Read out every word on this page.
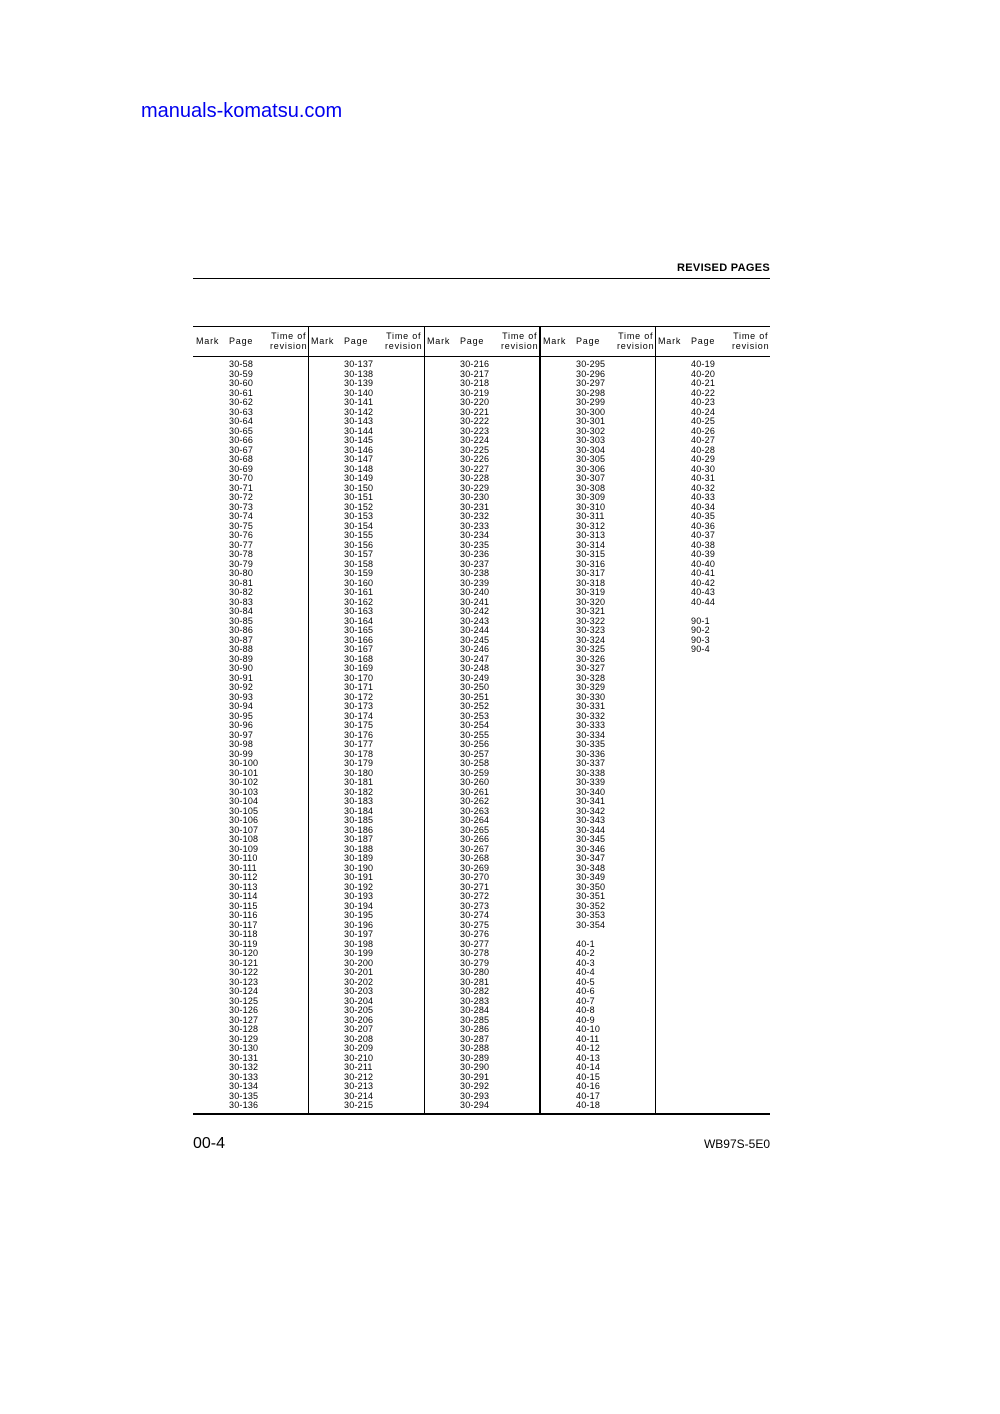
manuals-komatsu.com
REVISED PAGES
Mark Page Time of
revision
30-58
30-59
30-60
30-61
30-62
30-63
30-64
30-65
30-66
30-67
30-68
30-69
30-70
30-71
30-72
30-73
30-74
30-75
30-76
30-77
30-78
30-79
30-80
30-81
30-82
30-83
30-84
30-85
30-86
30-87
30-88
30-89
30-90
30-91
30-92
30-93
30-94
30-95
30-96
30-97
30-98
30-99
30-100
30-101
30-102
30-103
30-104
30-105
30-106
30-107
30-108
30-109
30-110
30-111
30-112
30-113
30-114
30-115
30-116
30-117
30-118
30-119
30-120
30-121
30-122
30-123
30-124
30-125
30-126
30-127
30-128
30-129
30-130
30-131
30-132
30-133
30-134
30-135
30-136
Mark Page Time of
revision
30-137
30-138
30-139
30-140
30-141
30-142
30-143
30-144
30-145
30-146
30-147
30-148
30-149
30-150
30-151
30-152
30-153
30-154
30-155
30-156
30-157
30-158
30-159
30-160
30-161
30-162
30-163
30-164
30-165
30-166
30-167
30-168
30-169
30-170
30-171
30-172
30-173
30-174
30-175
30-176
30-177
30-178
30-179
30-180
30-181
30-182
30-183
30-184
30-185
30-186
30-187
30-188
30-189
30-190
30-191
30-192
30-193
30-194
30-195
30-196
30-197
30-198
30-199
30-200
30-201
30-202
30-203
30-204
30-205
30-206
30-207
30-208
30-209
30-210
30-211
30-212
30-213
30-214
30-215
Mark Page Time of
revision
30-216
30-217
30-218
30-219
30-220
30-221
30-222
30-223
30-224
30-225
30-226
30-227
30-228
30-229
30-230
30-231
30-232
30-233
30-234
30-235
30-236
30-237
30-238
30-239
30-240
30-241
30-242
30-243
30-244
30-245
30-246
30-247
30-248
30-249
30-250
30-251
30-252
30-253
30-254
30-255
30-256
30-257
30-258
30-259
30-260
30-261
30-262
30-263
30-264
30-265
30-266
30-267
30-268
30-269
30-270
30-271
30-272
30-273
30-274
30-275
30-276
30-277
30-278
30-279
30-280
30-281
30-282
30-283
30-284
30-285
30-286
30-287
30-288
30-289
30-290
30-291
30-292
30-293
30-294
Mark Page Time of
revision
30-295
30-296
30-297
30-298
30-299
30-300
30-301
30-302
30-303
30-304
30-305
30-306
30-307
30-308
30-309
30-310
30-311
30-312
30-313
30-314
30-315
30-316
30-317
30-318
30-319
30-320
30-321
30-322
30-323
30-324
30-325
30-326
30-327
30-328
30-329
30-330
30-331
30-332
30-333
30-334
30-335
30-336
30-337
30-338
30-339
30-340
30-341
30-342
30-343
30-344
30-345
30-346
30-347
30-348
30-349
30-350
30-351
30-352
30-353
30-354
40-1
40-2
40-3
40-4
40-5
40-6
40-7
40-8
40-9
40-10
40-11
40-12
40-13
40-14
40-15
40-16
40-17
40-18
Mark Page Time of
revision
40-19
40-20
40-21
40-22
40-23
40-24
40-25
40-26
40-27
40-28
40-29
40-30
40-31
40-32
40-33
40-34
40-35
40-36
40-37
40-38
40-39
40-40
40-41
40-42
40-43
40-44
90-1
90-2
90-3
90-4
00-4	WB97S-5E0
